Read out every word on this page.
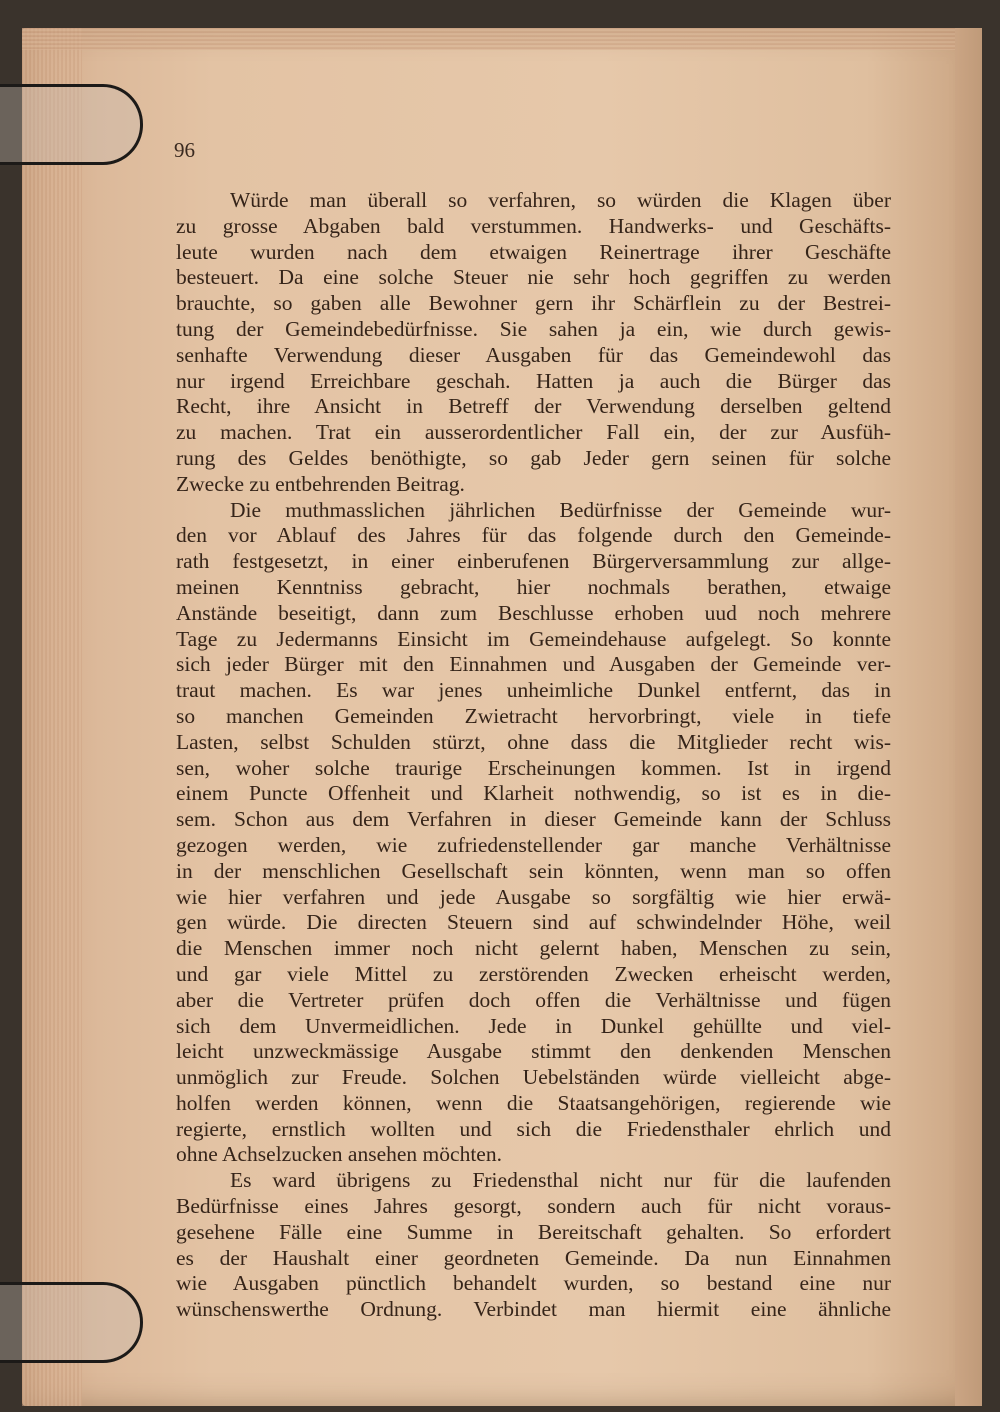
96

Würde man überall so verfahren, so würden die Klagen über
zu grosse Abgaben bald verstummen. Handwerks- und Geschäfts-
leute wurden nach dem etwaigen Reinertrage ihrer Geschäfte
besteuert. Da eine solche Steuer nie sehr hoch gegriffen zu werden
brauchte, so gaben alle Bewohner gern ihr Schärflein zu der Bestrei-
tung der Gemeindebedürfnisse. Sie sahen ja ein, wie durch gewis-
senhafte Verwendung dieser Ausgaben für das Gemeindewohl das
nur irgend Erreichbare geschah. Hatten ja auch die Bürger das
Recht, ihre Ansicht in Betreff der Verwendung derselben geltend
zu machen. Trat ein ausserordentlicher Fall ein, der zur Ausfüh-
rung des Geldes benöthigte, so gab Jeder gern seinen für solche
Zwecke zu entbehrenden Beitrag.

Die muthmasslichen jährlichen Bedürfnisse der Gemeinde wur-
den vor Ablauf des Jahres für das folgende durch den Gemeinde-
rath festgesetzt, in einer einberufenen Bürgerversammlung zur allge-
meinen Kenntniss gebracht, hier nochmals berathen, etwaige
Anstände beseitigt, dann zum Beschlusse erhoben uud noch mehrere
Tage zu Jedermanns Einsicht im Gemeindehause aufgelegt. So konnte
sich jeder Bürger mit den Einnahmen und Ausgaben der Gemeinde ver-
traut machen. Es war jenes unheimliche Dunkel entfernt, das in
so manchen Gemeinden Zwietracht hervorbringt, viele in tiefe
Lasten, selbst Schulden stürzt, ohne dass die Mitglieder recht wis-
sen, woher solche traurige Erscheinungen kommen. Ist in irgend
einem Puncte Offenheit und Klarheit nothwendig, so ist es in die-
sem. Schon aus dem Verfahren in dieser Gemeinde kann der Schluss
gezogen werden, wie zufriedenstellender gar manche Verhältnisse
in der menschlichen Gesellschaft sein könnten, wenn man so offen
wie hier verfahren und jede Ausgabe so sorgfältig wie hier erwä-
gen würde. Die directen Steuern sind auf schwindelnder Höhe, weil
die Menschen immer noch nicht gelernt haben, Menschen zu sein,
und gar viele Mittel zu zerstörenden Zwecken erheischt werden,
aber die Vertreter prüfen doch offen die Verhältnisse und fügen
sich dem Unvermeidlichen. Jede in Dunkel gehüllte und viel-
leicht unzweckmässige Ausgabe stimmt den denkenden Menschen
unmöglich zur Freude. Solchen Uebelständen würde vielleicht abge-
holfen werden können, wenn die Staatsangehörigen, regierende wie
regierte, ernstlich wollten und sich die Friedensthaler ehrlich und
ohne Achselzucken ansehen möchten.

Es ward übrigens zu Friedensthal nicht nur für die laufenden
Bedürfnisse eines Jahres gesorgt, sondern auch für nicht voraus-
gesehene Fälle eine Summe in Bereitschaft gehalten. So erfordert
es der Haushalt einer geordneten Gemeinde. Da nun Einnahmen
wie Ausgaben pünctlich behandelt wurden, so bestand eine nur
wünschenswerthe Ordnung. Verbindet man hiermit eine ähnliche
